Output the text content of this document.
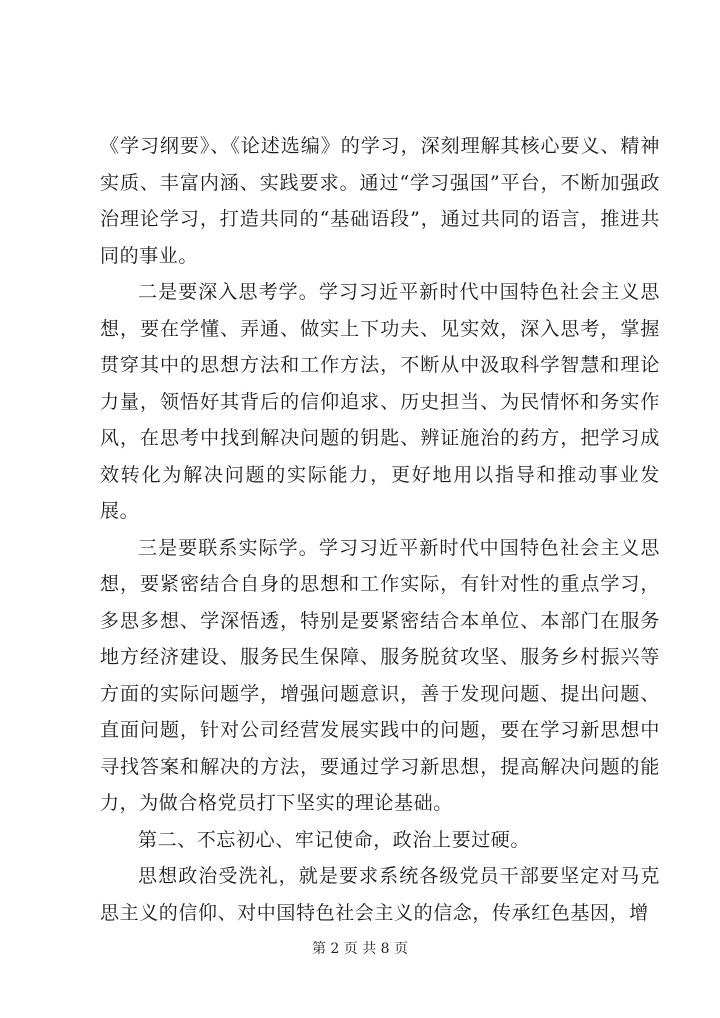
《学习纲要》、《论述选编》的学习，深刻理解其核心要义、精神实质、丰富内涵、实践要求。通过“学习强国”平台，不断加强政治理论学习，打造共同的“基础语段”，通过共同的语言，推进共同的事业。

二是要深入思考学。学习习近平新时代中国特色社会主义思想，要在学懂、弄通、做实上下功夫、见实效，深入思考，掌握贯穿其中的思想方法和工作方法，不断从中汲取科学智慧和理论力量，领悟好其背后的信仰追求、历史担当、为民情怀和务实作风，在思考中找到解决问题的钥匙、辨证施治的药方，把学习成效转化为解决问题的实际能力，更好地用以指导和推动事业发展。

三是要联系实际学。学习习近平新时代中国特色社会主义思想，要紧密结合自身的思想和工作实际，有针对性的重点学习，多思多想、学深悟透，特别是要紧密结合本单位、本部门在服务地方经济建设、服务民生保障、服务脱贫攻坚、服务乡村振兴等方面的实际问题学，增强问题意识，善于发现问题、提出问题、直面问题，针对公司经营发展实践中的问题，要在学习新思想中寻找答案和解决的方法，要通过学习新思想，提高解决问题的能力，为做合格党员打下坚实的理论基础。

第二、不忘初心、牢记使命，政治上要过硬。

思想政治受洗礼，就是要求系统各级党员干部要坚定对马克思主义的信仰、对中国特色社会主义的信念，传承红色基因，增

第 2 页 共 8 页
